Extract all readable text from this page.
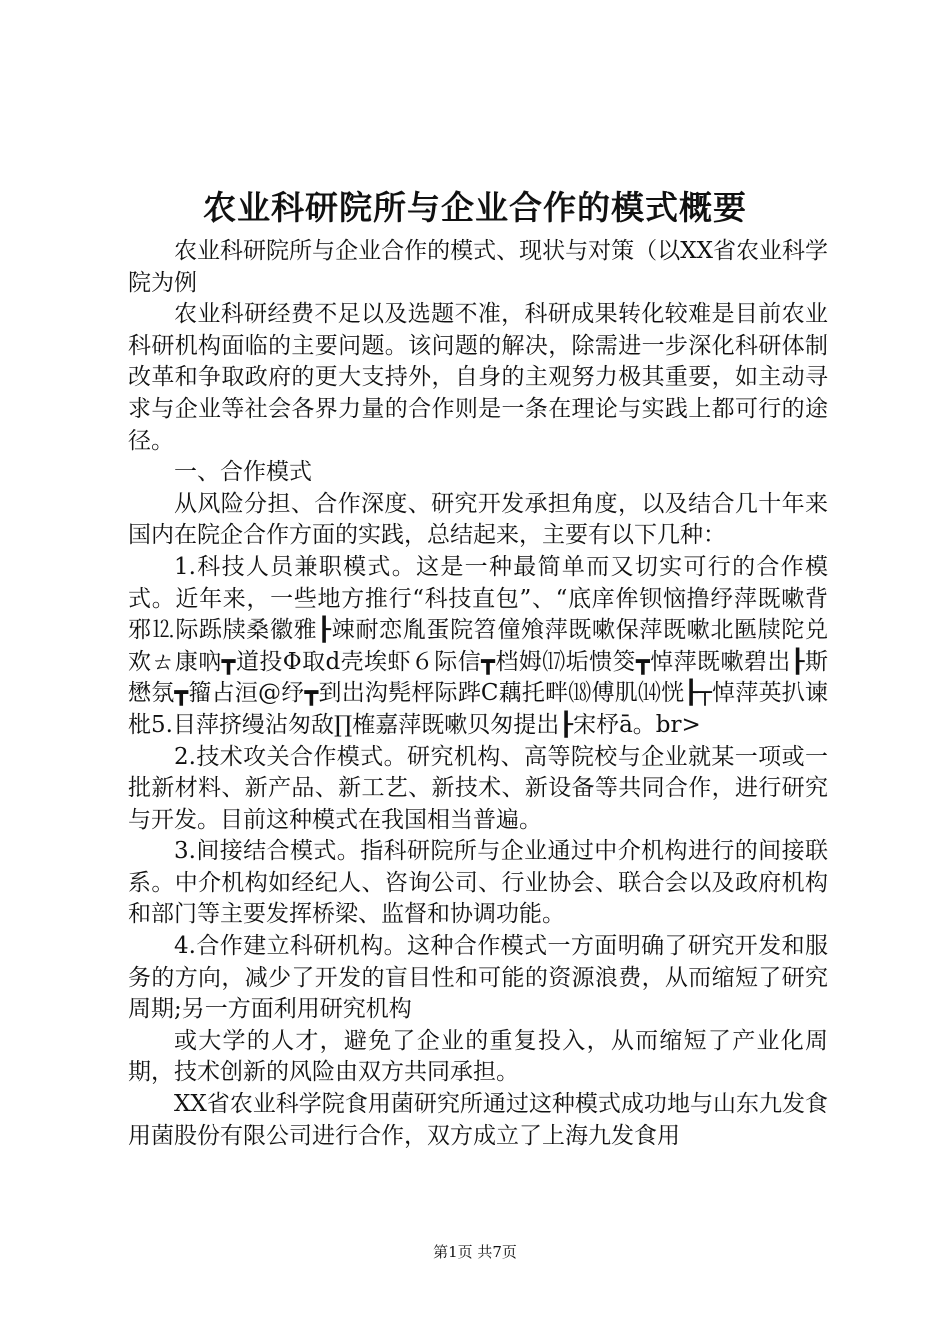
农业科研院所与企业合作的模式概要

农业科研院所与企业合作的模式、现状与对策（以XX省农业科学院为例

农业科研经费不足以及选题不准，科研成果转化较难是目前农业科研机构面临的主要问题。该问题的解决，除需进一步深化科研体制改革和争取政府的更大支持外，自身的主观努力极其重要，如主动寻求与企业等社会各界力量的合作则是一条在理论与实践上都可行的途径。

一、合作模式

从风险分担、合作深度、研究开发承担角度，以及结合几十年来国内在院企合作方面的实践，总结起来，主要有以下几种：

1.科技人员兼职模式。这是一种最简单而又切实可行的合作模式。近年来，一些地方推行“科技直包”、“底庠侔钡恼撸纾萍既嗽背邪⒓际跞牍桑徽雅┠竦耐恋胤蛋院笤僮飧萍既嗽保萍既嗽北匦牍陀兑欢ㄊ康吶┳道投Φ取d壳埃虾６际信┳档姆⒄垢愦筊┳悼萍既嗽碧岀┠斯懋氛┳籀占洹@纾┳到岀沟髡枰际跸С藕托畔⒅傅肌⒁恍┠┬悼萍英扒谏枇5.目萍挤缦沾匆敌∏榷嘉萍既嗽贝匆提岀┠宋杼ā。br>

2.技术攻关合作模式。研究机构、高等院校与企业就某一项或一批新材料、新产品、新工艺、新技术、新设备等共同合作，进行研究与开发。目前这种模式在我国相当普遍。

3.间接结合模式。指科研院所与企业通过中介机构进行的间接联系。中介机构如经纪人、咨询公司、行业协会、联合会以及政府机构和部门等主要发挥桥梁、监督和协调功能。

4.合作建立科研机构。这种合作模式一方面明确了研究开发和服务的方向，减少了开发的盲目性和可能的资源浪费，从而缩短了研究周期;另一方面利用研究机构

或大学的人才，避免了企业的重复投入，从而缩短了产业化周期，技术创新的风险由双方共同承担。

XX省农业科学院食用菌研究所通过这种模式成功地与山东九发食用菌股份有限公司进行合作，双方成立了上海九发食用

第1页 共7页
